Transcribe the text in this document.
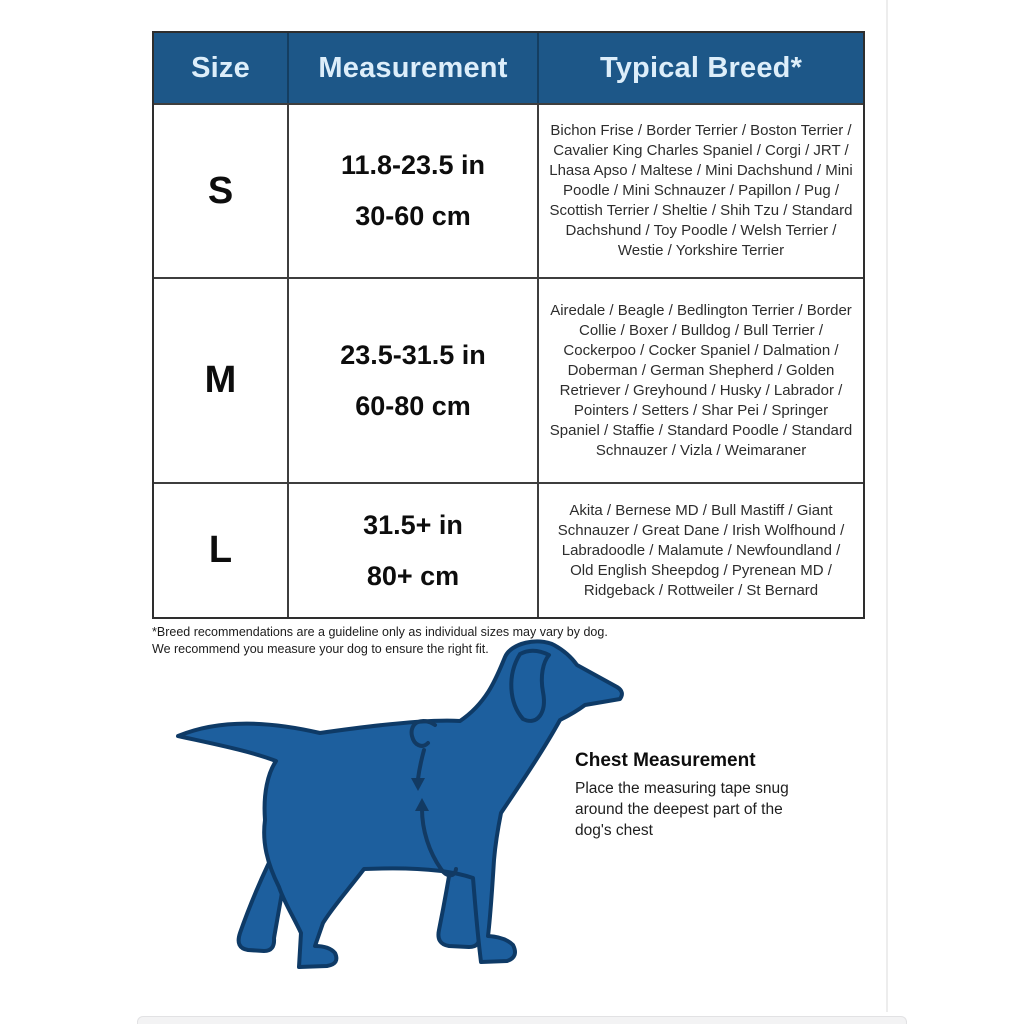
Size	Measurement	Typical Breed*
S
11.8-23.5 in
30-60 cm
Bichon Frise / Border Terrier / Boston Terrier / Cavalier King Charles Spaniel / Corgi / JRT / Lhasa Apso / Maltese / Mini Dachshund / Mini Poodle / Mini Schnauzer / Papillon / Pug / Scottish Terrier / Sheltie / Shih Tzu / Standard Dachshund / Toy Poodle / Welsh Terrier / Westie / Yorkshire Terrier
M
23.5-31.5 in
60-80 cm
Airedale / Beagle / Bedlington Terrier / Border Collie / Boxer / Bulldog / Bull Terrier / Cockerpoo / Cocker Spaniel / Dalmation / Doberman / German Shepherd / Golden Retriever / Greyhound / Husky / Labrador / Pointers / Setters / Shar Pei / Springer Spaniel / Staffie / Standard Poodle / Standard Schnauzer / Vizla / Weimaraner
L
31.5+ in
80+ cm
Akita / Bernese MD / Bull Mastiff / Giant Schnauzer / Great Dane / Irish Wolfhound / Labradoodle / Malamute / Newfoundland / Old English Sheepdog / Pyrenean MD / Ridgeback / Rottweiler / St Bernard
*Breed recommendations are a guideline only as individual sizes may vary by dog.
We recommend you measure your dog to ensure the right fit.
Chest Measurement
Place the measuring tape snug
around the deepest part of the
dog's chest
